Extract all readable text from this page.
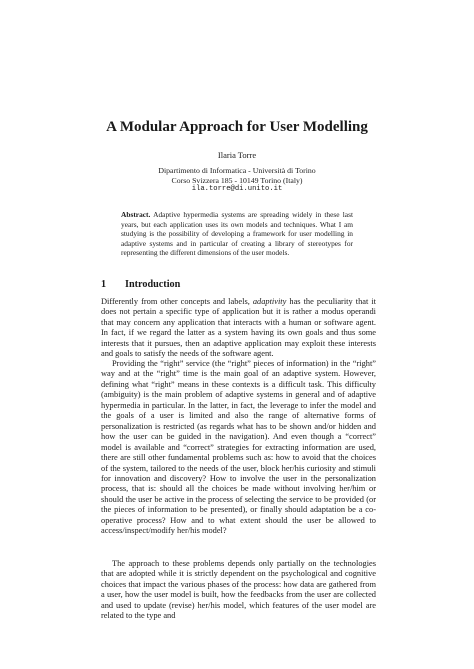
A Modular Approach for User Modelling
Ilaria Torre
Dipartimento di Informatica - Università di Torino
Corso Svizzera 185 - 10149 Torino (Italy)
ila.torre@di.unito.it
Abstract. Adaptive hypermedia systems are spreading widely in these last years, but each application uses its own models and techniques. What I am studying is the possibility of developing a framework for user modelling in adaptive systems and in particular of creating a library of stereotypes for representing the different dimensions of the user models.
1 Introduction
Differently from other concepts and labels, adaptivity has the peculiarity that it does not pertain a specific type of application but it is rather a modus operandi that may concern any application that interacts with a human or software agent. In fact, if we regard the latter as a system having its own goals and thus some interests that it pursues, then an adaptive application may exploit these interests and goals to satisfy the needs of the software agent.
Providing the “right” service (the “right” pieces of information) in the “right” way and at the “right” time is the main goal of an adaptive system. However, defining what “right” means in these contexts is a difficult task. This difficulty (ambiguity) is the main problem of adaptive systems in general and of adaptive hypermedia in particular. In the latter, in fact, the leverage to infer the model and the goals of a user is limited and also the range of alternative forms of personalization is restricted (as regards what has to be shown and/or hidden and how the user can be guided in the navigation). And even though a “correct” model is available and “correct” strategies for extracting information are used, there are still other fundamental problems such as: how to avoid that the choices of the system, tailored to the needs of the user, block her/his curiosity and stimuli for innovation and discovery? How to involve the user in the personalization process, that is: should all the choices be made without involving her/him or should the user be active in the process of selecting the service to be provided (or the pieces of information to be presented), or finally should adaptation be a co-operative process? How and to what extent should the user be allowed to access/inspect/modify her/his model?
The approach to these problems depends only partially on the technologies that are adopted while it is strictly dependent on the psychological and cognitive choices that impact the various phases of the process: how data are gathered from a user, how the user model is built, how the feedbacks from the user are collected and used to update (revise) her/his model, which features of the user model are related to the type and
